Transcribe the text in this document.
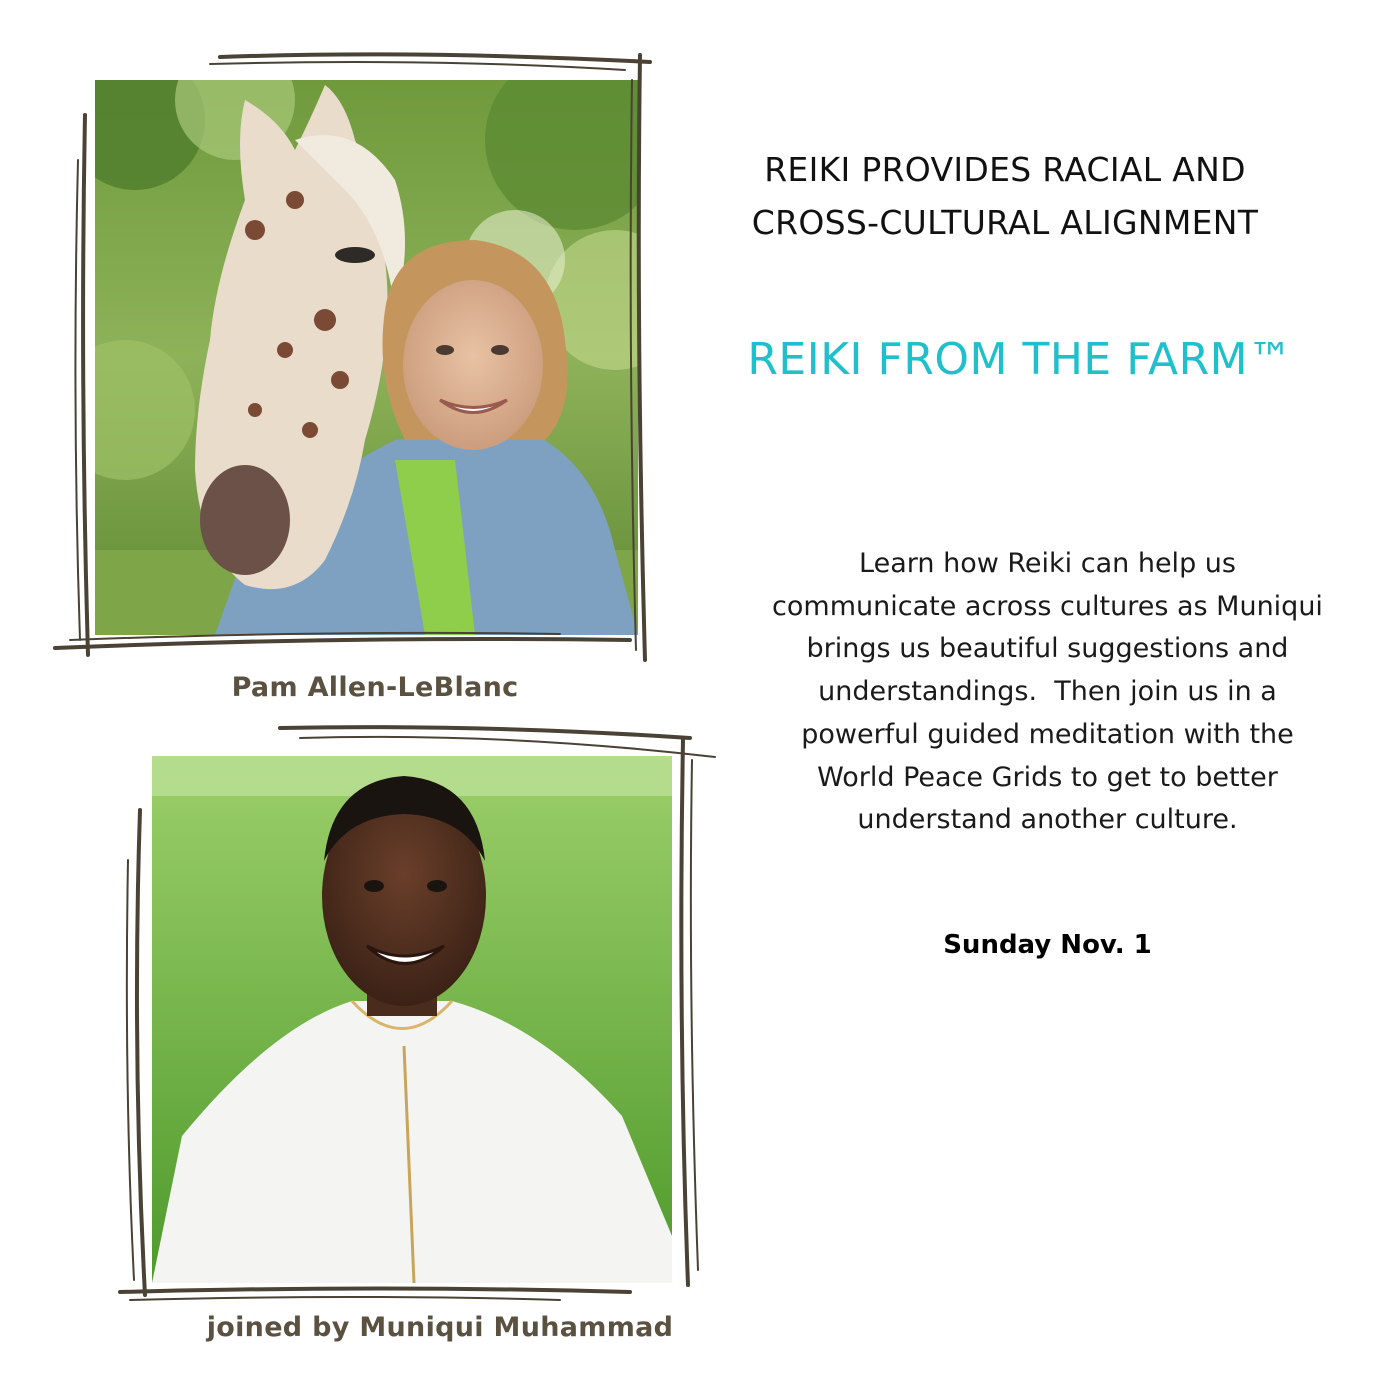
Pam Allen-LeBlanc
joined by Muniqui Muhammad
REIKI PROVIDES RACIAL AND
CROSS-CULTURAL ALIGNMENT
REIKI FROM THE FARM™
Learn how Reiki can help us
communicate across cultures as Muniqui
brings us beautiful suggestions and
understandings.  Then join us in a
powerful guided meditation with the
World Peace Grids to get to better
understand another culture.
Sunday Nov. 1
